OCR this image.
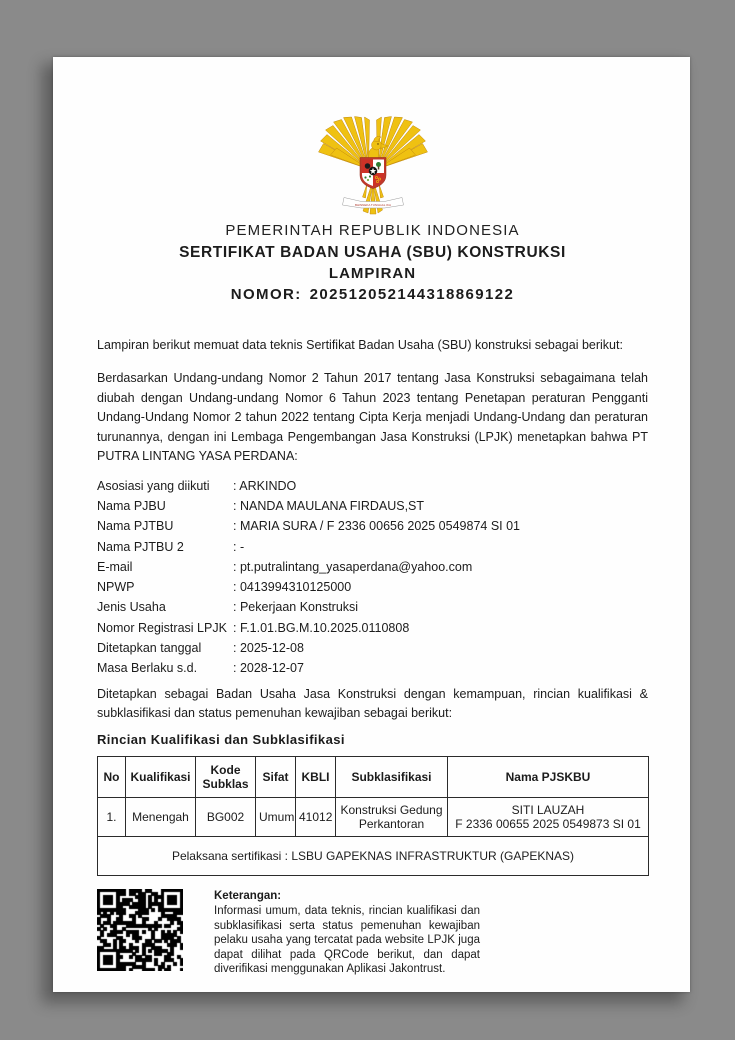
BHINNEKA TUNGGAL IKA
PEMERINTAH REPUBLIK INDONESIA
SERTIFIKAT BADAN USAHA (SBU) KONSTRUKSI
LAMPIRAN
NOMOR: 202512052144318869122

Lampiran berikut memuat data teknis Sertifikat Badan Usaha (SBU) konstruksi sebagai berikut:

Berdasarkan Undang-undang Nomor 2 Tahun 2017 tentang Jasa Konstruksi sebagaimana telah diubah dengan Undang-undang Nomor 6 Tahun 2023 tentang Penetapan peraturan Pengganti Undang-Undang Nomor 2 tahun 2022 tentang Cipta Kerja menjadi Undang-Undang dan peraturan turunannya, dengan ini Lembaga Pengembangan Jasa Konstruksi (LPJK) menetapkan bahwa PT PUTRA LINTANG YASA PERDANA:

Asosiasi yang diikuti	: ARKINDO
Nama PJBU	: NANDA MAULANA FIRDAUS,ST
Nama PJTBU	: MARIA SURA / F 2336 00656 2025 0549874 SI 01
Nama PJTBU 2	: -
E-mail	: pt.putralintang_yasaperdana@yahoo.com
NPWP	: 0413994310125000
Jenis Usaha	: Pekerjaan Konstruksi
Nomor Registrasi LPJK	: F.1.01.BG.M.10.2025.0110808
Ditetapkan tanggal	: 2025-12-08
Masa Berlaku s.d.	: 2028-12-07

Ditetapkan sebagai Badan Usaha Jasa Konstruksi dengan kemampuan, rincian kualifikasi & subklasifikasi dan status pemenuhan kewajiban sebagai berikut:

Rincian Kualifikasi dan Subklasifikasi
No	Kualifikasi	Kode Subklas	Sifat	KBLI	Subklasifikasi	Nama PJSKBU
1.	Menengah	BG002	Umum	41012	Konstruksi Gedung Perkantoran	SITI LAUZAH
F 2336 00655 2025 0549873 SI 01

Pelaksana sertifikasi : LSBU GAPEKNAS INFRASTRUKTUR (GAPEKNAS)						
Keterangan:
Informasi umum, data teknis, rincian kualifikasi dan subklasifikasi serta status pemenuhan kewajiban pelaku usaha yang tercatat pada website LPJK juga dapat dilihat pada QRCode berikut, dan dapat diverifikasi menggunakan Aplikasi Jakontrust.
